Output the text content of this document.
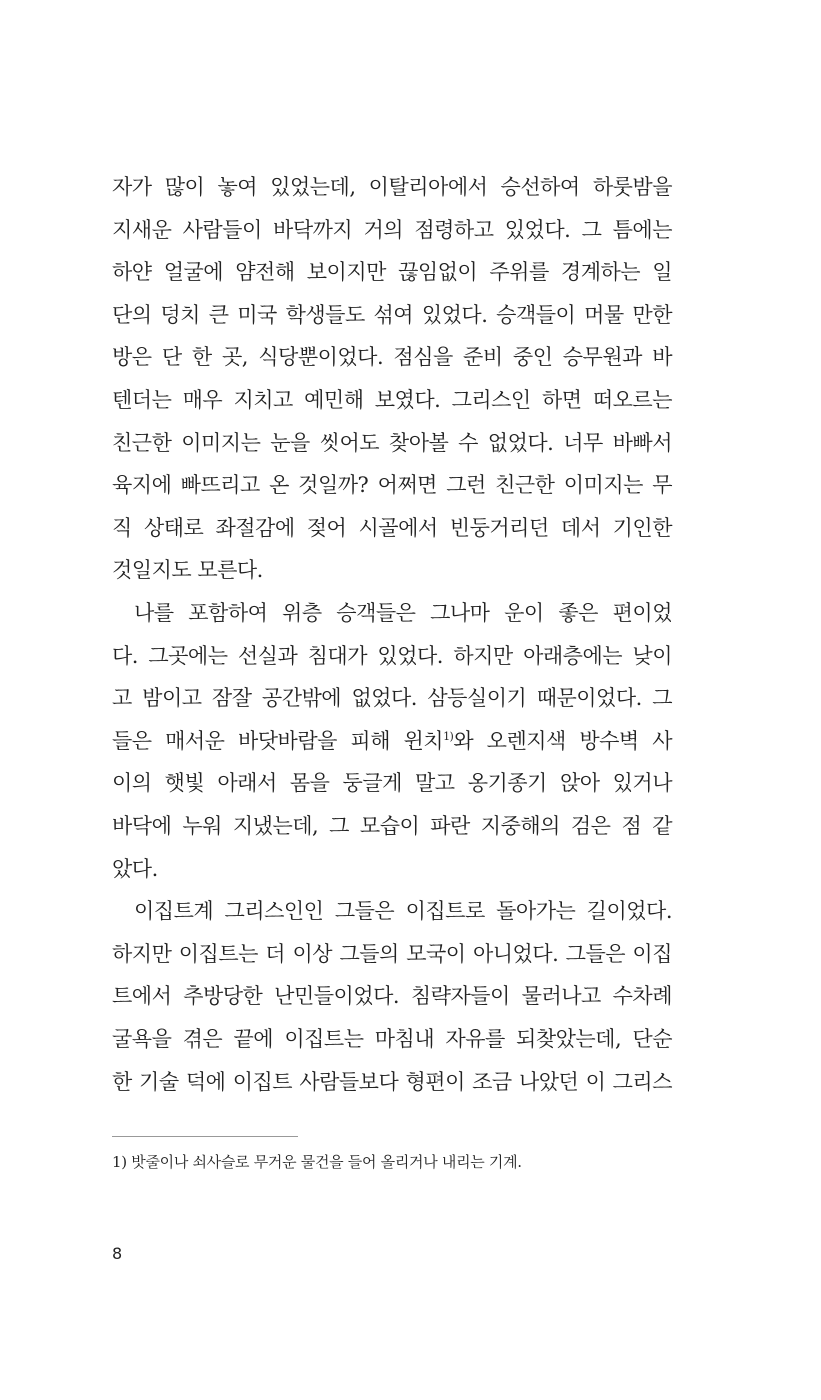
자가 많이 놓여 있었는데, 이탈리아에서 승선하여 하룻밤을
지새운 사람들이 바닥까지 거의 점령하고 있었다. 그 틈에는
하얀 얼굴에 얌전해 보이지만 끊임없이 주위를 경계하는 일
단의 덩치 큰 미국 학생들도 섞여 있었다. 승객들이 머물 만한
방은 단 한 곳, 식당뿐이었다. 점심을 준비 중인 승무원과 바
텐더는 매우 지치고 예민해 보였다. 그리스인 하면 떠오르는
친근한 이미지는 눈을 씻어도 찾아볼 수 없었다. 너무 바빠서
육지에 빠뜨리고 온 것일까? 어쩌면 그런 친근한 이미지는 무
직 상태로 좌절감에 젖어 시골에서 빈둥거리던 데서 기인한
것일지도 모른다.
나를 포함하여 위층 승객들은 그나마 운이 좋은 편이었
다. 그곳에는 선실과 침대가 있었다. 하지만 아래층에는 낮이
고 밤이고 잠잘 공간밖에 없었다. 삼등실이기 때문이었다. 그
들은 매서운 바닷바람을 피해 윈치$^{1)}$와 오렌지색 방수벽 사
이의 햇빛 아래서 몸을 둥글게 말고 옹기종기 앉아 있거나
바닥에 누워 지냈는데, 그 모습이 파란 지중해의 검은 점 같
았다.
이집트계 그리스인인 그들은 이집트로 돌아가는 길이었다.
하지만 이집트는 더 이상 그들의 모국이 아니었다. 그들은 이집
트에서 추방당한 난민들이었다. 침략자들이 물러나고 수차례
굴욕을 겪은 끝에 이집트는 마침내 자유를 되찾았는데, 단순
한 기술 덕에 이집트 사람들보다 형편이 조금 나았던 이 그리스
1) 밧줄이나 쇠사슬로 무거운 물건을 들어 올리거나 내리는 기계.
8
